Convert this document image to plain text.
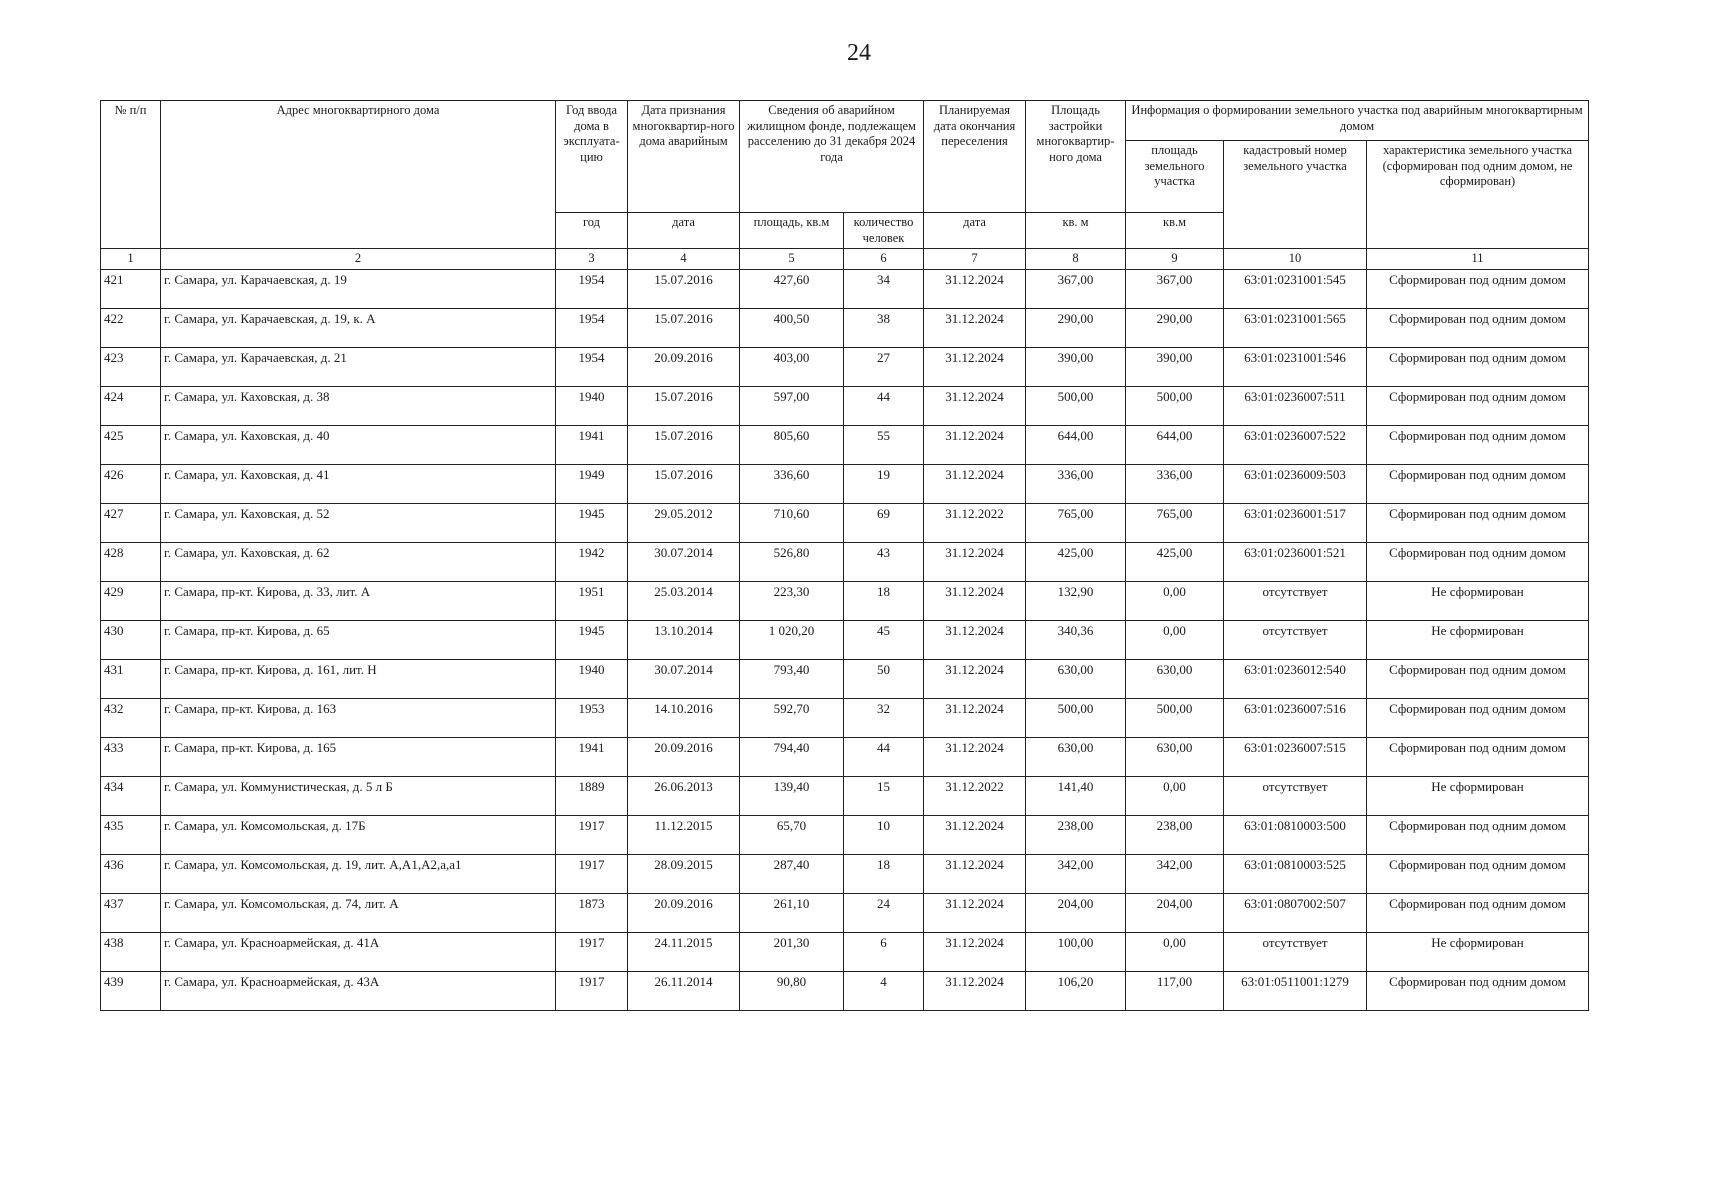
24
№ п/п	Адрес многоквартирного дома	Год ввода дома в эксплуата-цию	Дата признания многоквартир-ного дома аварийным	Сведения об аварийном жилищном фонде, подлежащем расселению до 31 декабря 2024 года		Планируемая дата окончания переселения	Площадь застройки многоквартир-ного дома	Информация о формировании земельного участка под аварийным многоквартирным домом		
								площадь земельного участка	кадастровый номер земельного участка	характеристика земельного участка (сформирован под одним домом, не сформирован)
		год	дата	площадь, кв.м	количество человек	дата	кв. м	кв.м		
1	2	3	4	5	6	7	8	9	10	11
421	г. Самара, ул. Карачаевская, д. 19	1954	15.07.2016	427,60	34	31.12.2024	367,00	367,00	63:01:0231001:545	Сформирован под одним домом
422	г. Самара, ул. Карачаевская, д. 19, к. А	1954	15.07.2016	400,50	38	31.12.2024	290,00	290,00	63:01:0231001:565	Сформирован под одним домом
423	г. Самара, ул. Карачаевская, д. 21	1954	20.09.2016	403,00	27	31.12.2024	390,00	390,00	63:01:0231001:546	Сформирован под одним домом
424	г. Самара, ул. Каховская, д. 38	1940	15.07.2016	597,00	44	31.12.2024	500,00	500,00	63:01:0236007:511	Сформирован под одним домом
425	г. Самара, ул. Каховская, д. 40	1941	15.07.2016	805,60	55	31.12.2024	644,00	644,00	63:01:0236007:522	Сформирован под одним домом
426	г. Самара, ул. Каховская, д. 41	1949	15.07.2016	336,60	19	31.12.2024	336,00	336,00	63:01:0236009:503	Сформирован под одним домом
427	г. Самара, ул. Каховская, д. 52	1945	29.05.2012	710,60	69	31.12.2022	765,00	765,00	63:01:0236001:517	Сформирован под одним домом
428	г. Самара, ул. Каховская, д. 62	1942	30.07.2014	526,80	43	31.12.2024	425,00	425,00	63:01:0236001:521	Сформирован под одним домом
429	г. Самара, пр-кт. Кирова, д. 33, лит. А	1951	25.03.2014	223,30	18	31.12.2024	132,90	0,00	отсутствует	Не сформирован
430	г. Самара, пр-кт. Кирова, д. 65	1945	13.10.2014	1 020,20	45	31.12.2024	340,36	0,00	отсутствует	Не сформирован
431	г. Самара, пр-кт. Кирова, д. 161, лит. Н	1940	30.07.2014	793,40	50	31.12.2024	630,00	630,00	63:01:0236012:540	Сформирован под одним домом
432	г. Самара, пр-кт. Кирова, д. 163	1953	14.10.2016	592,70	32	31.12.2024	500,00	500,00	63:01:0236007:516	Сформирован под одним домом
433	г. Самара, пр-кт. Кирова, д. 165	1941	20.09.2016	794,40	44	31.12.2024	630,00	630,00	63:01:0236007:515	Сформирован под одним домом
434	г. Самара, ул. Коммунистическая, д. 5 л Б	1889	26.06.2013	139,40	15	31.12.2022	141,40	0,00	отсутствует	Не сформирован
435	г. Самара, ул. Комсомольская, д. 17Б	1917	11.12.2015	65,70	10	31.12.2024	238,00	238,00	63:01:0810003:500	Сформирован под одним домом
436	г. Самара, ул. Комсомольская, д. 19, лит. А,А1,А2,а,а1	1917	28.09.2015	287,40	18	31.12.2024	342,00	342,00	63:01:0810003:525	Сформирован под одним домом
437	г. Самара, ул. Комсомольская, д. 74, лит. А	1873	20.09.2016	261,10	24	31.12.2024	204,00	204,00	63:01:0807002:507	Сформирован под одним домом
438	г. Самара, ул. Красноармейская, д. 41А	1917	24.11.2015	201,30	6	31.12.2024	100,00	0,00	отсутствует	Не сформирован
439	г. Самара, ул. Красноармейская, д. 43А	1917	26.11.2014	90,80	4	31.12.2024	106,20	117,00	63:01:0511001:1279	Сформирован под одним домом
